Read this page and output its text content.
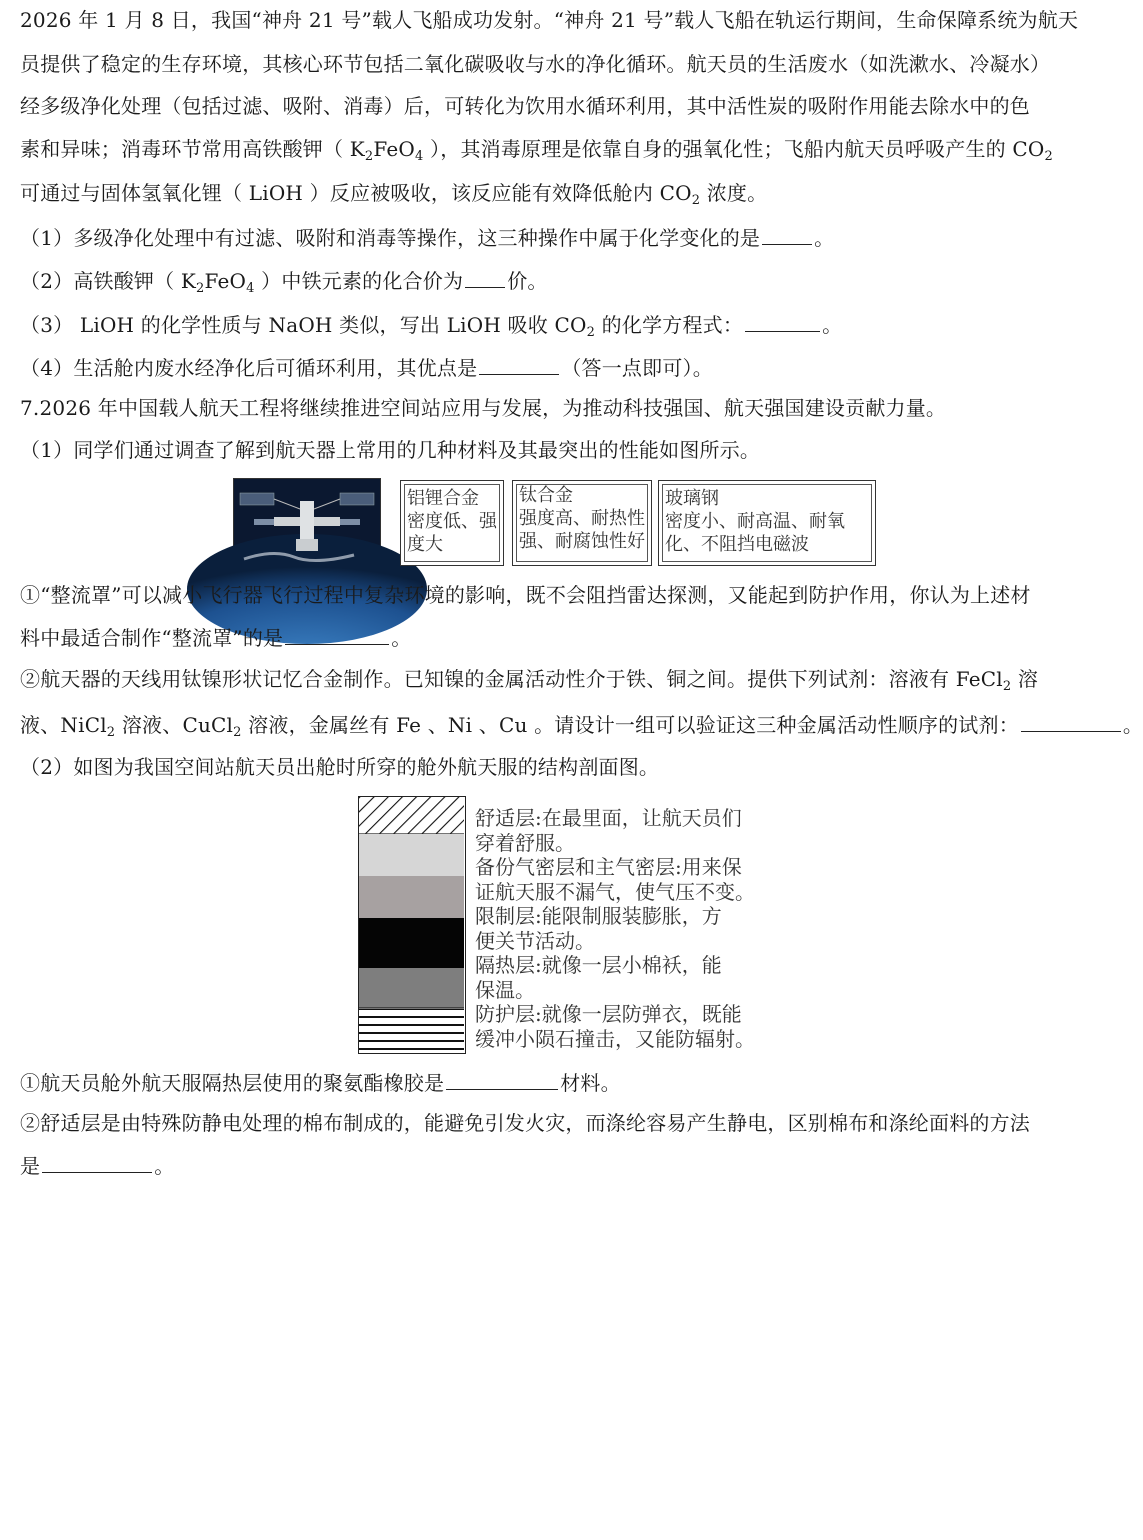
2026 年 1 月 8 日，我国“神舟 21 号”载人飞船成功发射。“神舟 21 号”载人飞船在轨运行期间，生命保障系统为航天
员提供了稳定的生存环境，其核心环节包括二氧化碳吸收与水的净化循环。航天员的生活废水（如洗漱水、冷凝水）
经多级净化处理（包括过滤、吸附、消毒）后，可转化为饮用水循环利用，其中活性炭的吸附作用能去除水中的色
素和异味；消毒环节常用高铁酸钾（ $K_2FeO_4$ ），其消毒原理是依靠自身的强氧化性；飞船内航天员呼吸产生的 $CO_2$
可通过与固体氢氧化锂（ LiOH ）反应被吸收，该反应能有效降低舱内 $CO_2$ 浓度。
（1）多级净化处理中有过滤、吸附和消毒等操作，这三种操作中属于化学变化的是	。
（2）高铁酸钾（ $K_2FeO_4$ ）中铁元素的化合价为 价。
（3） LiOH 的化学性质与 NaOH 类似，写出 LiOH 吸收 $CO_2$ 的化学方程式：	。
（4）生活舱内废水经净化后可循环利用，其优点是	（答一点即可）。
7.2026 年中国载人航天工程将继续推进空间站应用与发展，为推动科技强国、航天强国建设贡献力量。
（1）同学们通过调查了解到航天器上常用的几种材料及其最突出的性能如图所示。
铝锂合金
密度低、强度大
钛合金
强度高、耐热性强、耐腐蚀性好
玻璃钢
密度小、耐高温、耐氧化、不阻挡电磁波
①“整流罩”可以减小飞行器飞行过程中复杂环境的影响，既不会阻挡雷达探测，又能起到防护作用，你认为上述材
料中最适合制作“整流罩”的是	。
②航天器的天线用钛镍形状记忆合金制作。已知镍的金属活动性介于铁、铜之间。提供下列试剂：溶液有 FeCl$_2$ 溶
液、NiCl$_2$ 溶液、CuCl$_2$ 溶液，金属丝有 Fe 、Ni 、Cu 。请设计一组可以验证这三种金属活动性顺序的试剂：	。
（2）如图为我国空间站航天员出舱时所穿的舱外航天服的结构剖面图。
舒适层:在最里面，让航天员们
穿着舒服。
备份气密层和主气密层:用来保
证航天服不漏气，使气压不变。
限制层:能限制服装膨胀，方
便关节活动。
隔热层:就像一层小棉袄，能
保温。
防护层:就像一层防弹衣，既能
缓冲小陨石撞击，又能防辐射。
①航天员舱外航天服隔热层使用的聚氨酯橡胶是	材料。
②舒适层是由特殊防静电处理的棉布制成的，能避免引发火灾，而涤纶容易产生静电，区别棉布和涤纶面料的方法
是	。
